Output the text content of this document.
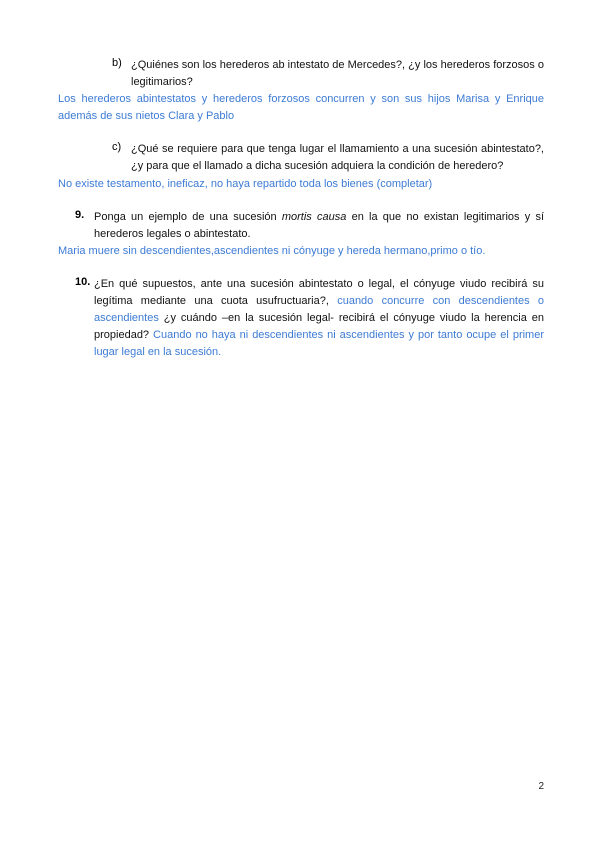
b) ¿Quiénes son los herederos ab intestato de Mercedes?, ¿y los herederos forzosos o legitimarios?
Los herederos abintestatos y herederos forzosos concurren y son sus hijos Marisa y Enrique además de sus nietos Clara y Pablo
c) ¿Qué se requiere para que tenga lugar el llamamiento a una sucesión abintestato?, ¿y para que el llamado a dicha sucesión adquiera la condición de heredero?
No existe testamento, ineficaz, no haya repartido toda los bienes (completar)
9. Ponga un ejemplo de una sucesión mortis causa en la que no existan legitimarios y sí herederos legales o abintestato.
Maria muere sin descendientes,ascendientes ni cónyuge y hereda hermano,primo o tío.
10. ¿En qué supuestos, ante una sucesión abintestato o legal, el cónyuge viudo recibirá su legítima mediante una cuota usufructuaria?, cuando concurre con descendientes o ascendientes ¿y cuándo –en la sucesión legal- recibirá el cónyuge viudo la herencia en propiedad? Cuando no haya ni descendientes ni ascendientes y por tanto ocupe el primer lugar legal en la sucesión.
2
